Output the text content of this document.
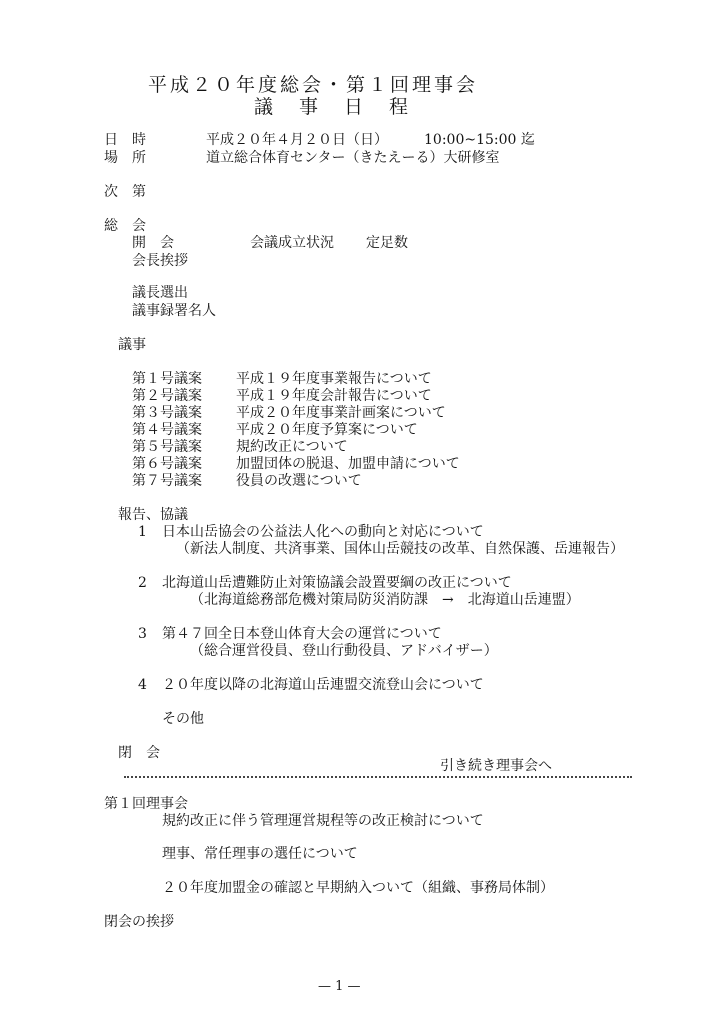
平成２０年度総会・第１回理事会
議事日程
日　時	平成２０年４月２０日（日）	10:00~15:00 迄
場　所	道立総合体育センター（きたえーる）大研修室
次　第
総　会
開　会	会議成立状況 定足数
会長挨拶
議長選出
議事録署名人
議事
第１号議案 平成１９年度事業報告について
第２号議案 平成１９年度会計報告について
第３号議案 平成２０年度事業計画案について
第４号議案 平成２０年度予算案について
第５号議案 規約改正について
第６号議案 加盟団体の脱退、加盟申請について
第７号議案 役員の改選について
報告、協議
1 日本山岳協会の公益法人化への動向と対応について
（新法人制度、共済事業、国体山岳競技の改革、自然保護、岳連報告）
2 北海道山岳遭難防止対策協議会設置要綱の改正について
（北海道総務部危機対策局防災消防課　→　北海道山岳連盟）
3 第４７回全日本登山体育大会の運営について
（総合運営役員、登山行動役員、アドバイザー）
4 ２０年度以降の北海道山岳連盟交流登山会について
その他
閉　会
引き続き理事会へ
第１回理事会
規約改正に伴う管理運営規程等の改正検討について
理事、常任理事の選任について
２０年度加盟金の確認と早期納入ついて（組織、事務局体制）
閉会の挨拶
— 1 —
